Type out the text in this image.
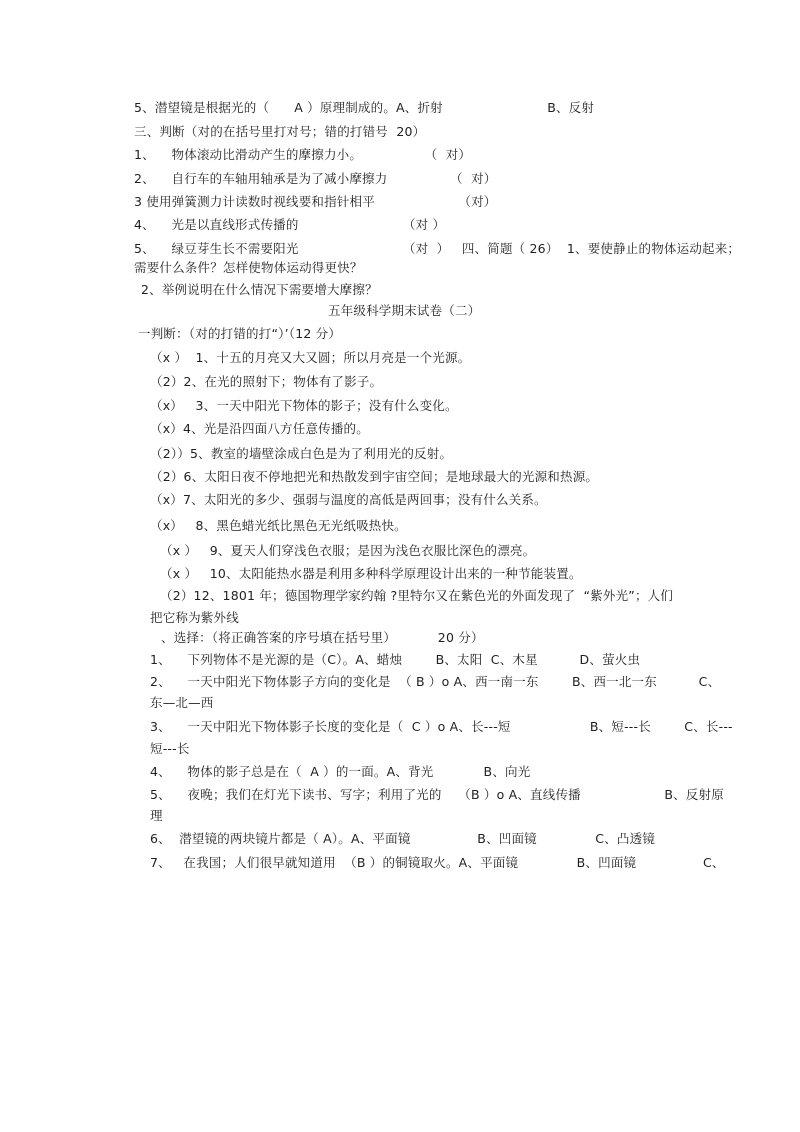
5、潜望镜是根据光的（      A ）原理制成的。A、折射                         B、反射
三、判断（对的在括号里打对号；错的打错号  20）
1、    物体滚动比滑动产生的摩擦力小。               （  对）
2、    自行车的车轴用轴承是为了减小摩擦力               （  对）
3 使用弹簧测力计读数时视线要和指针相平                    （对）
4、    光是以直线形式传播的                         （对 ）
5、    绿豆芽生长不需要阳光                         （对  ）   四、简题（ 26）  1、要使静止的物体运动起来；
需要什么条件？怎样使物体运动得更快？
2、举例说明在什么情况下需要增大摩擦？
五年级科学期末试卷（二）
一判断：（对的打错的打“）’（12 分）
（x ）  1、十五的月亮又大又圆；所以月亮是一个光源。
（2）2、在光的照射下；物体有了影子。
（x）   3、一天中阳光下物体的影子；没有什么变化。
（x）4、光是沿四面八方任意传播的。
（2））5、教室的墙壁涂成白色是为了利用光的反射。
（2）6、太阳日夜不停地把光和热散发到宇宙空间；是地球最大的光源和热源。
（x）7、太阳光的多少、强弱与温度的高低是两回事；没有什么关系。
（x）   8、黑色蜡光纸比黑色无光纸吸热快。
（x ）   9、夏天人们穿浅色衣服；是因为浅色衣服比深色的漂亮。
（x ）   10、太阳能热水器是利用多种科学原理设计出来的一种节能装置。
（2）12、1801 年；德国物理学家约翰 ?里特尔又在紫色光的外面发现了  “紫外光”；人们
把它称为紫外线
、选择：（将正确答案的序号填在括号里）          20 分）
1、    下列物体不是光源的是（C）。A、蜡烛        B、太阳  C、木星          D、萤火虫
2、    一天中阳光下物体影子方向的变化是  （ B ）o A、西一南一东        B、西一北一东          C、
东—北—西
3、    一天中阳光下物体影子长度的变化是（  C ）o A、长---短                   B、短---长        C、长---
短---长
4、    物体的影子总是在（  A ）的一面。A、背光            B、向光
5、    夜晚；我们在灯光下读书、写字；利用了光的    （B ）o A、直线传播                    B、反射原
理
6、  潜望镜的两块镜片都是（ A）。A、平面镜                B、凹面镜              C、凸透镜
7、   在我国；人们很早就知道用  （B ）的铜镜取火。A、平面镜              B、凹面镜                C、
